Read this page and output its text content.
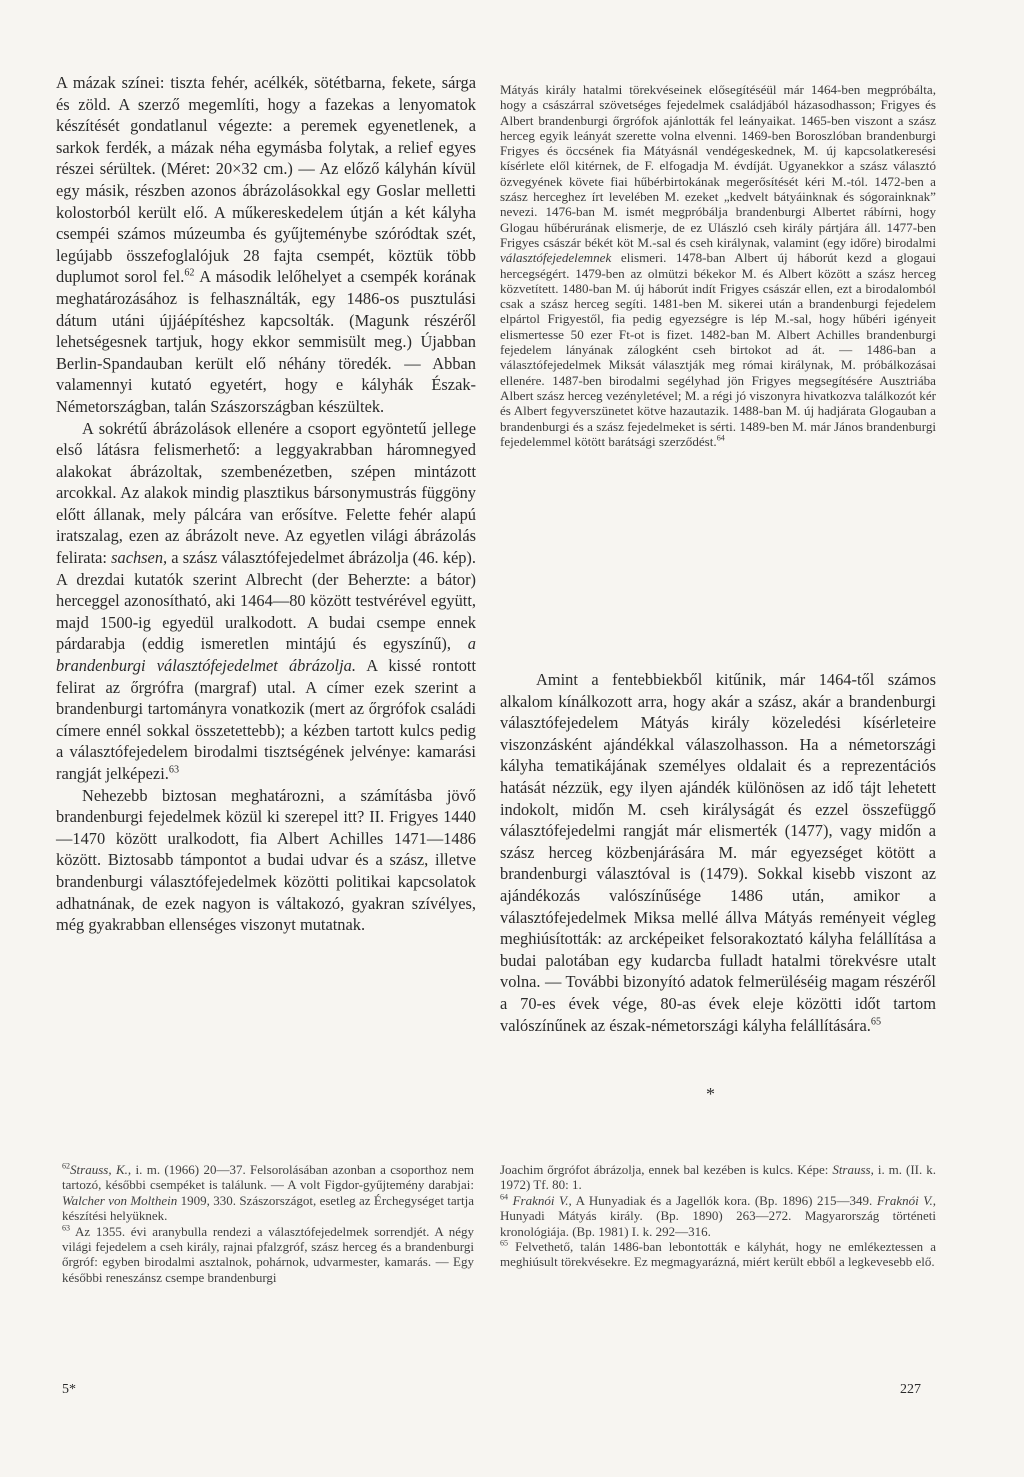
A mázak színei: tiszta fehér, acélkék, sötétbarna, fekete, sárga és zöld. A szerző megemlíti, hogy a fazekas a lenyomatok készítését gondatlanul végezte: a peremek egyenetlenek, a sarkok ferdék, a mázak néha egymásba folytak, a relief egyes részei sérültek. (Méret: 20×32 cm.) — Az előző kályhán kívül egy másik, részben azonos ábrázolásokkal egy Goslar melletti kolostorból került elő. A műkereskedelem útján a két kályha csempéi számos múzeumba és gyűjteménybe szóródtak szét, legújabb összefoglalójuk 28 fajta csempét, köztük több duplumot sorol fel.$^{62}$ A második lelőhelyet a csempék korának meghatározásához is felhasználták, egy 1486-os pusztulási dátum utáni újjáépítéshez kapcsolták. (Magunk részéről lehetségesnek tartjuk, hogy ekkor semmisült meg.) Újabban Berlin-Spandauban került elő néhány töredék. — Abban valamennyi kutató egyetért, hogy e kályhák Észak-Németországban, talán Szászországban készültek.

A sokrétű ábrázolások ellenére a csoport egyöntetű jellege első látásra felismerhető: a leggyakrabban háromnegyed alakokat ábrázoltak, szembenézetben, szépen mintázott arcokkal. Az alakok mindig plasztikus bársonymustrás függöny előtt állanak, mely pálcára van erősítve. Felette fehér alapú iratszalag, ezen az ábrázolt neve. Az egyetlen világi ábrázolás felirata: sachsen, a szász választófejedelmet ábrázolja (46. kép). A drezdai kutatók szerint Albrecht (der Beherzte: a bátor) herceggel azonosítható, aki 1464—80 között testvérével együtt, majd 1500-ig egyedül uralkodott. A budai csempe ennek párdarabja (eddig ismeretlen mintájú és egyszínű), a brandenburgi választófejedelmet ábrázolja. A kissé rontott felirat az őrgrófra (margraf) utal. A címer ezek szerint a brandenburgi tartományra vonatkozik (mert az őrgrófok családi címere ennél sokkal összetettebb); a kézben tartott kulcs pedig a választófejedelem birodalmi tisztségének jelvénye: kamarási rangját jelképezi.$^{63}$

Nehezebb biztosan meghatározni, a számításba jövő brandenburgi fejedelmek közül ki szerepel itt? II. Frigyes 1440—1470 között uralkodott, fia Albert Achilles 1471—1486 között. Biztosabb támpontot a budai udvar és a szász, illetve brandenburgi választófejedelmek közötti politikai kapcsolatok adhatnának, de ezek nagyon is váltakozó, gyakran szívélyes, még gyakrabban ellenséges viszonyt mutatnak.

Mátyás király hatalmi törekvéseinek elősegítéséül már 1464-ben megpróbálta, hogy a császárral szövetséges fejedelmek családjából házasodhasson; Frigyes és Albert brandenburgi őrgrófok ajánlották fel leányaikat. 1465-ben viszont a szász herceg egyik leányát szerette volna elvenni. 1469-ben Boroszlóban brandenburgi Frigyes és öccsének fia Mátyásnál vendégeskednek, M. új kapcsolatkeresési kísérlete elől kitérnek, de F. elfogadja M. évdíját. Ugyanekkor a szász választó özvegyének követe fiai hűbérbirtokának megerősítését kéri M.-tól. 1472-ben a szász herceghez írt levelében M. ezeket „kedvelt bátyáinknak és sógorainknak” nevezi. 1476-ban M. ismét megpróbálja brandenburgi Albertet rábírni, hogy Glogau hűbérurának elismerje, de ez Ulászló cseh király pártjára áll. 1477-ben Frigyes császár békét köt M.-sal és cseh királynak, valamint (egy időre) birodalmi választófejedelemnek elismeri. 1478-ban Albert új háborút kezd a glogaui hercegségért. 1479-ben az olmützi békekor M. és Albert között a szász herceg közvetített. 1480-ban M. új háborút indít Frigyes császár ellen, ezt a birodalomból csak a szász herceg segíti. 1481-ben M. sikerei után a brandenburgi fejedelem elpártol Frigyestől, fia pedig egyezségre is lép M.-sal, hogy hűbéri igényeit elismertesse 50 ezer Ft-ot is fizet. 1482-ban M. Albert Achilles brandenburgi fejedelem lányának zálogként cseh birtokot ad át. — 1486-ban a választófejedelmek Miksát választják meg római királynak, M. próbálkozásai ellenére. 1487-ben birodalmi segélyhad jön Frigyes megsegítésére Ausztriába Albert szász herceg vezényletével; M. a régi jó viszonyra hivatkozva találkozót kér és Albert fegyverszünetet kötve hazautazik. 1488-ban M. új hadjárata Glogauban a brandenburgi és a szász fejedelmeket is sérti. 1489-ben M. már János brandenburgi fejedelemmel kötött barátsági szerződést.$^{64}$

Amint a fentebbiekből kitűnik, már 1464-től számos alkalom kínálkozott arra, hogy akár a szász, akár a brandenburgi választófejedelem Mátyás király közeledési kísérleteire viszonzásként ajándékkal válaszolhasson. Ha a németországi kályha tematikájának személyes oldalait és a reprezentációs hatását nézzük, egy ilyen ajándék különösen az idő tájt lehetett indokolt, midőn M. cseh királyságát és ezzel összefüggő választófejedelmi rangját már elismerték (1477), vagy midőn a szász herceg közbenjárására M. már egyezséget kötött a brandenburgi választóval is (1479). Sokkal kisebb viszont az ajándékozás valószínűsége 1486 után, amikor a választófejedelmek Miksa mellé állva Mátyás reményeit végleg meghiúsították: az arcképeiket felsorakoztató kályha felállítása a budai palotában egy kudarcba fulladt hatalmi törekvésre utalt volna. — További bizonyító adatok felmerüléséig magam részéről a 70-es évek vége, 80-as évek eleje közötti időt tartom valószínűnek az észak-németországi kályha felállítására.$^{65}$

*

$^{62}$Strauss, K., i. m. (1966) 20—37. Felsorolásában azonban a csoporthoz nem tartozó, későbbi csempéket is találunk. — A volt Figdor-gyűjtemény darabjai: Walcher von Molthein 1909, 330. Szászországot, esetleg az Érchegységet tartja készítési helyüknek.

$^{63}$ Az 1355. évi aranybulla rendezi a választófejedelmek sorrendjét. A négy világi fejedelem a cseh király, rajnai pfalzgróf, szász herceg és a brandenburgi őrgróf: egyben birodalmi asztalnok, pohárnok, udvarmester, kamarás. — Egy későbbi reneszánsz csempe brandenburgi

Joachim őrgrófot ábrázolja, ennek bal kezében is kulcs. Képe: Strauss, i. m. (II. k. 1972) Tf. 80: 1.

$^{64}$ Fraknói V., A Hunyadiak és a Jagellók kora. (Bp. 1896) 215—349. Fraknói V., Hunyadi Mátyás király. (Bp. 1890) 263—272. Magyarország történeti kronológiája. (Bp. 1981) I. k. 292—316.

$^{65}$ Felvethető, talán 1486-ban lebontották e kályhát, hogy ne emlékeztessen a meghiúsult törekvésekre. Ez megmagyarázná, miért került ebből a legkevesebb elő.

5*	227
